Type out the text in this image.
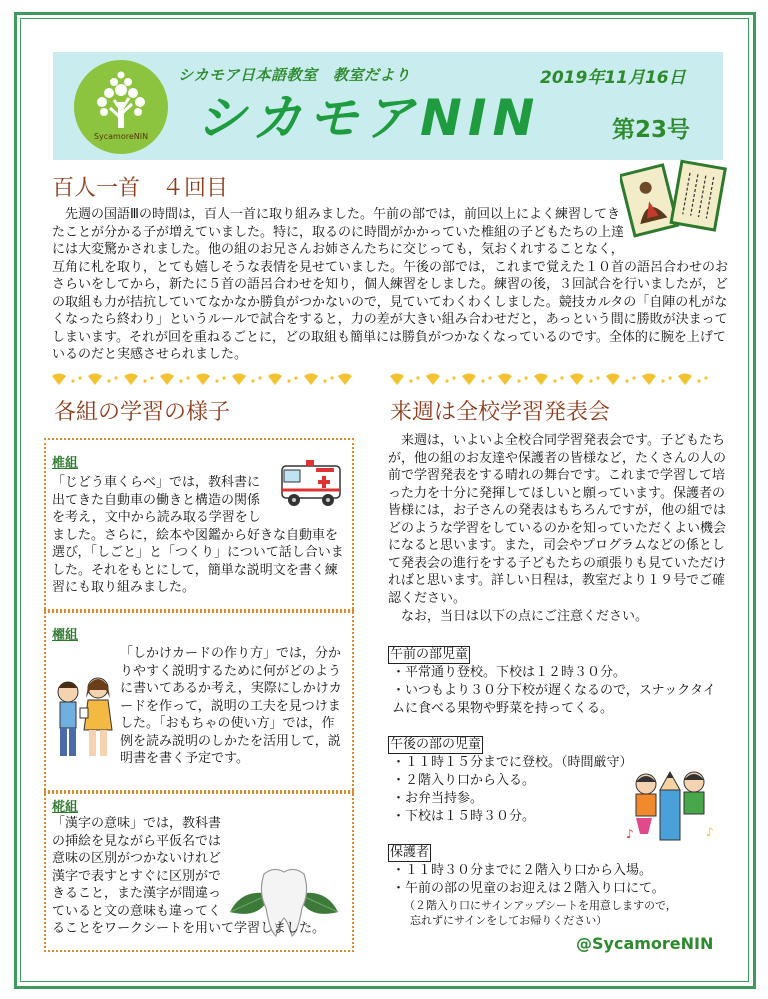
SycamoreNIN
シカモア日本語教室　教室だより	2019年11月16日
シカモアNIN	第23号
百人一首　４回目

　先週の国語Ⅲの時間は，百人一首に取り組みました。午前の部では，前回以上によく練習してきたことが分かる子が増えていました。特に，取るのに時間がかかっていた椎組の子どもたちの上達には大変驚かされました。他の組のお兄さんお姉さんたちに交じっても，気おくれすることなく，互角に札を取り，とても嬉しそうな表情を見せていました。午後の部では，これまで覚えた１０首の語呂合わせのおさらいをしてから，新たに５首の語呂合わせを知り，個人練習をしました。練習の後，３回試合を行いましたが，どの取組も力が拮抗していてなかなか勝負がつかないので，見ていてわくわくしました。競技カルタの「自陣の札がなくなったら終わり」というルールで試合をすると，力の差が大きい組み合わせだと，あっという間に勝敗が決まってしまいます。それが回を重ねるごとに，どの取組も簡単には勝負がつかなくなっているのです。全体的に腕を上げているのだと実感させられました。

各組の学習の様子
椎組

「じどう車くらべ」では，教科書に出てきた自動車の働きと構造の関係を考え，文中から読み取る学習をしました。さらに，絵本や図鑑から好きな自動車を選び，「しごと」と「つくり」について話し合いました。それをもとにして，簡単な説明文を書く練習にも取り組みました。

櫂組

「しかけカードの作り方」では，分かりやすく説明するために何がどのように書いてあるか考え，実際にしかけカードを作って，説明の工夫を見つけました。「おもちゃの使い方」では，作例を読み説明のしかたを活用して，説明書を書く予定です。

椛組

「漢字の意味」では，教科書の挿絵を見ながら平仮名では意味の区別がつかないけれど漢字で表すとすぐに区別ができること，また漢字が間違っていると文の意味も違ってくることをワークシートを用いて学習しました。

来週は全校学習発表会

　来週は，いよいよ全校合同学習発表会です。子どもたちが，他の組のお友達や保護者の皆様など，たくさんの人の前で学習発表をする晴れの舞台です。これまで学習して培った力を十分に発揮してほしいと願っています。保護者の皆様には，お子さんの発表はもちろんですが，他の組ではどのような学習をしているのかを知っていただくよい機会になると思います。また，司会やプログラムなどの係として発表会の進行をする子どもたちの頑張りも見ていただければと思います。詳しい日程は，教室だより１９号でご確認ください。

　なお，当日は以下の点にご注意ください。

午前の部児童

・平常通り登校。下校は１２時３０分。

・いつもより３０分下校が遅くなるので，スナックタイムに食べる果物や野菜を持ってくる。

午後の部の児童

・１１時１５分までに登校。（時間厳守）

・２階入り口から入る。

・お弁当持参。

・下校は１５時３０分。

♪	♪
保護者

・１１時３０分までに２階入り口から入場。

・午前の部の児童のお迎えは２階入り口にて。

（２階入り口にサインアップシートを用意しますので，

忘れずにサインをしてお帰りください）

@SycamoreNIN
